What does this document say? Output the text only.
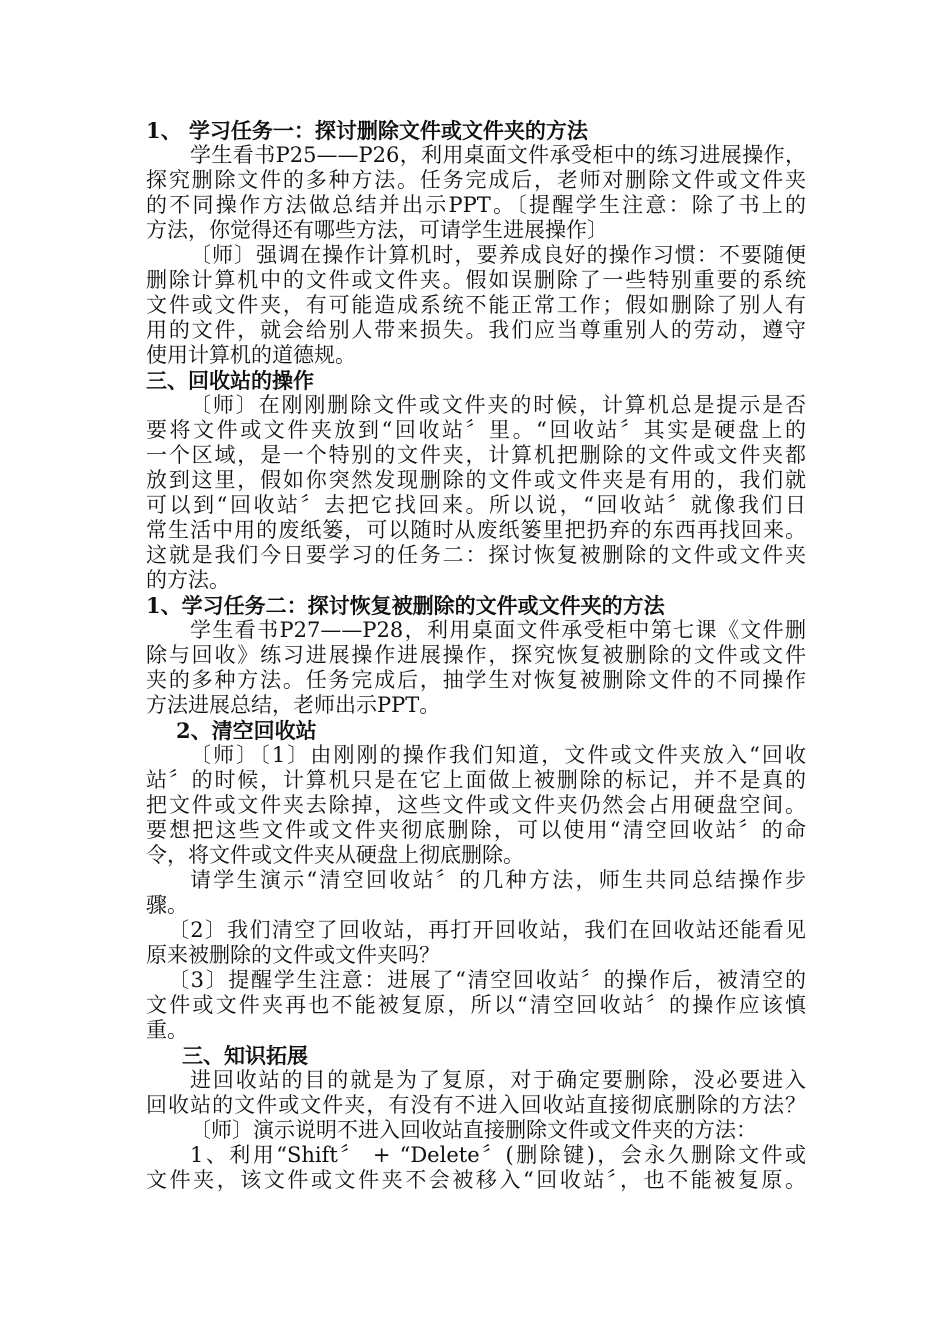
1、 学习任务一：探讨删除文件或文件夹的方法
学生看书P25——P26，利用桌面文件承受柜中的练习进展操作，
探究删除文件的多种方法。任务完成后，老师对删除文件或文件夹
的不同操作方法做总结并出示PPT。〔提醒学生注意：除了书上的
方法，你觉得还有哪些方法，可请学生进展操作〕
〔师〕强调在操作计算机时，要养成良好的操作习惯：不要随便
删除计算机中的文件或文件夹。假如误删除了一些特别重要的系统
文件或文件夹，有可能造成系统不能正常工作；假如删除了别人有
用的文件，就会给别人带来损失。我们应当尊重别人的劳动，遵守
使用计算机的道德规。
三、回收站的操作
〔师〕在刚刚删除文件或文件夹的时候，计算机总是提示是否
要将文件或文件夹放到“回收站〞里。“回收站〞其实是硬盘上的
一个区域，是一个特别的文件夹，计算机把删除的文件或文件夹都
放到这里，假如你突然发现删除的文件或文件夹是有用的，我们就
可以到“回收站〞去把它找回来。所以说，“回收站〞就像我们日
常生活中用的废纸篓，可以随时从废纸篓里把扔弃的东西再找回来。
这就是我们今日要学习的任务二：探讨恢复被删除的文件或文件夹
的方法。
1、学习任务二：探讨恢复被删除的文件或文件夹的方法
学生看书P27——P28，利用桌面文件承受柜中第七课《文件删
除与回收》练习进展操作进展操作，探究恢复被删除的文件或文件
夹的多种方法。任务完成后，抽学生对恢复被删除文件的不同操作
方法进展总结，老师出示PPT。
2、清空回收站
〔师〕〔1〕由刚刚的操作我们知道，文件或文件夹放入“回收
站〞的时候，计算机只是在它上面做上被删除的标记，并不是真的
把文件或文件夹去除掉，这些文件或文件夹仍然会占用硬盘空间。
要想把这些文件或文件夹彻底删除，可以使用“清空回收站〞的命
令，将文件或文件夹从硬盘上彻底删除。
请学生演示“清空回收站〞的几种方法，师生共同总结操作步
骤。
〔2〕我们清空了回收站，再打开回收站，我们在回收站还能看见
原来被删除的文件或文件夹吗？
〔3〕提醒学生注意：进展了“清空回收站〞的操作后，被清空的
文件或文件夹再也不能被复原，所以“清空回收站〞的操作应该慎
重。
三、知识拓展
进回收站的目的就是为了复原，对于确定要删除，没必要进入
回收站的文件或文件夹，有没有不进入回收站直接彻底删除的方法？
〔师〕演示说明不进入回收站直接删除文件或文件夹的方法：
1、利用“Shift〞 + “Delete〞(删除键)，会永久删除文件或
文件夹，该文件或文件夹不会被移入“回收站〞，也不能被复原。
